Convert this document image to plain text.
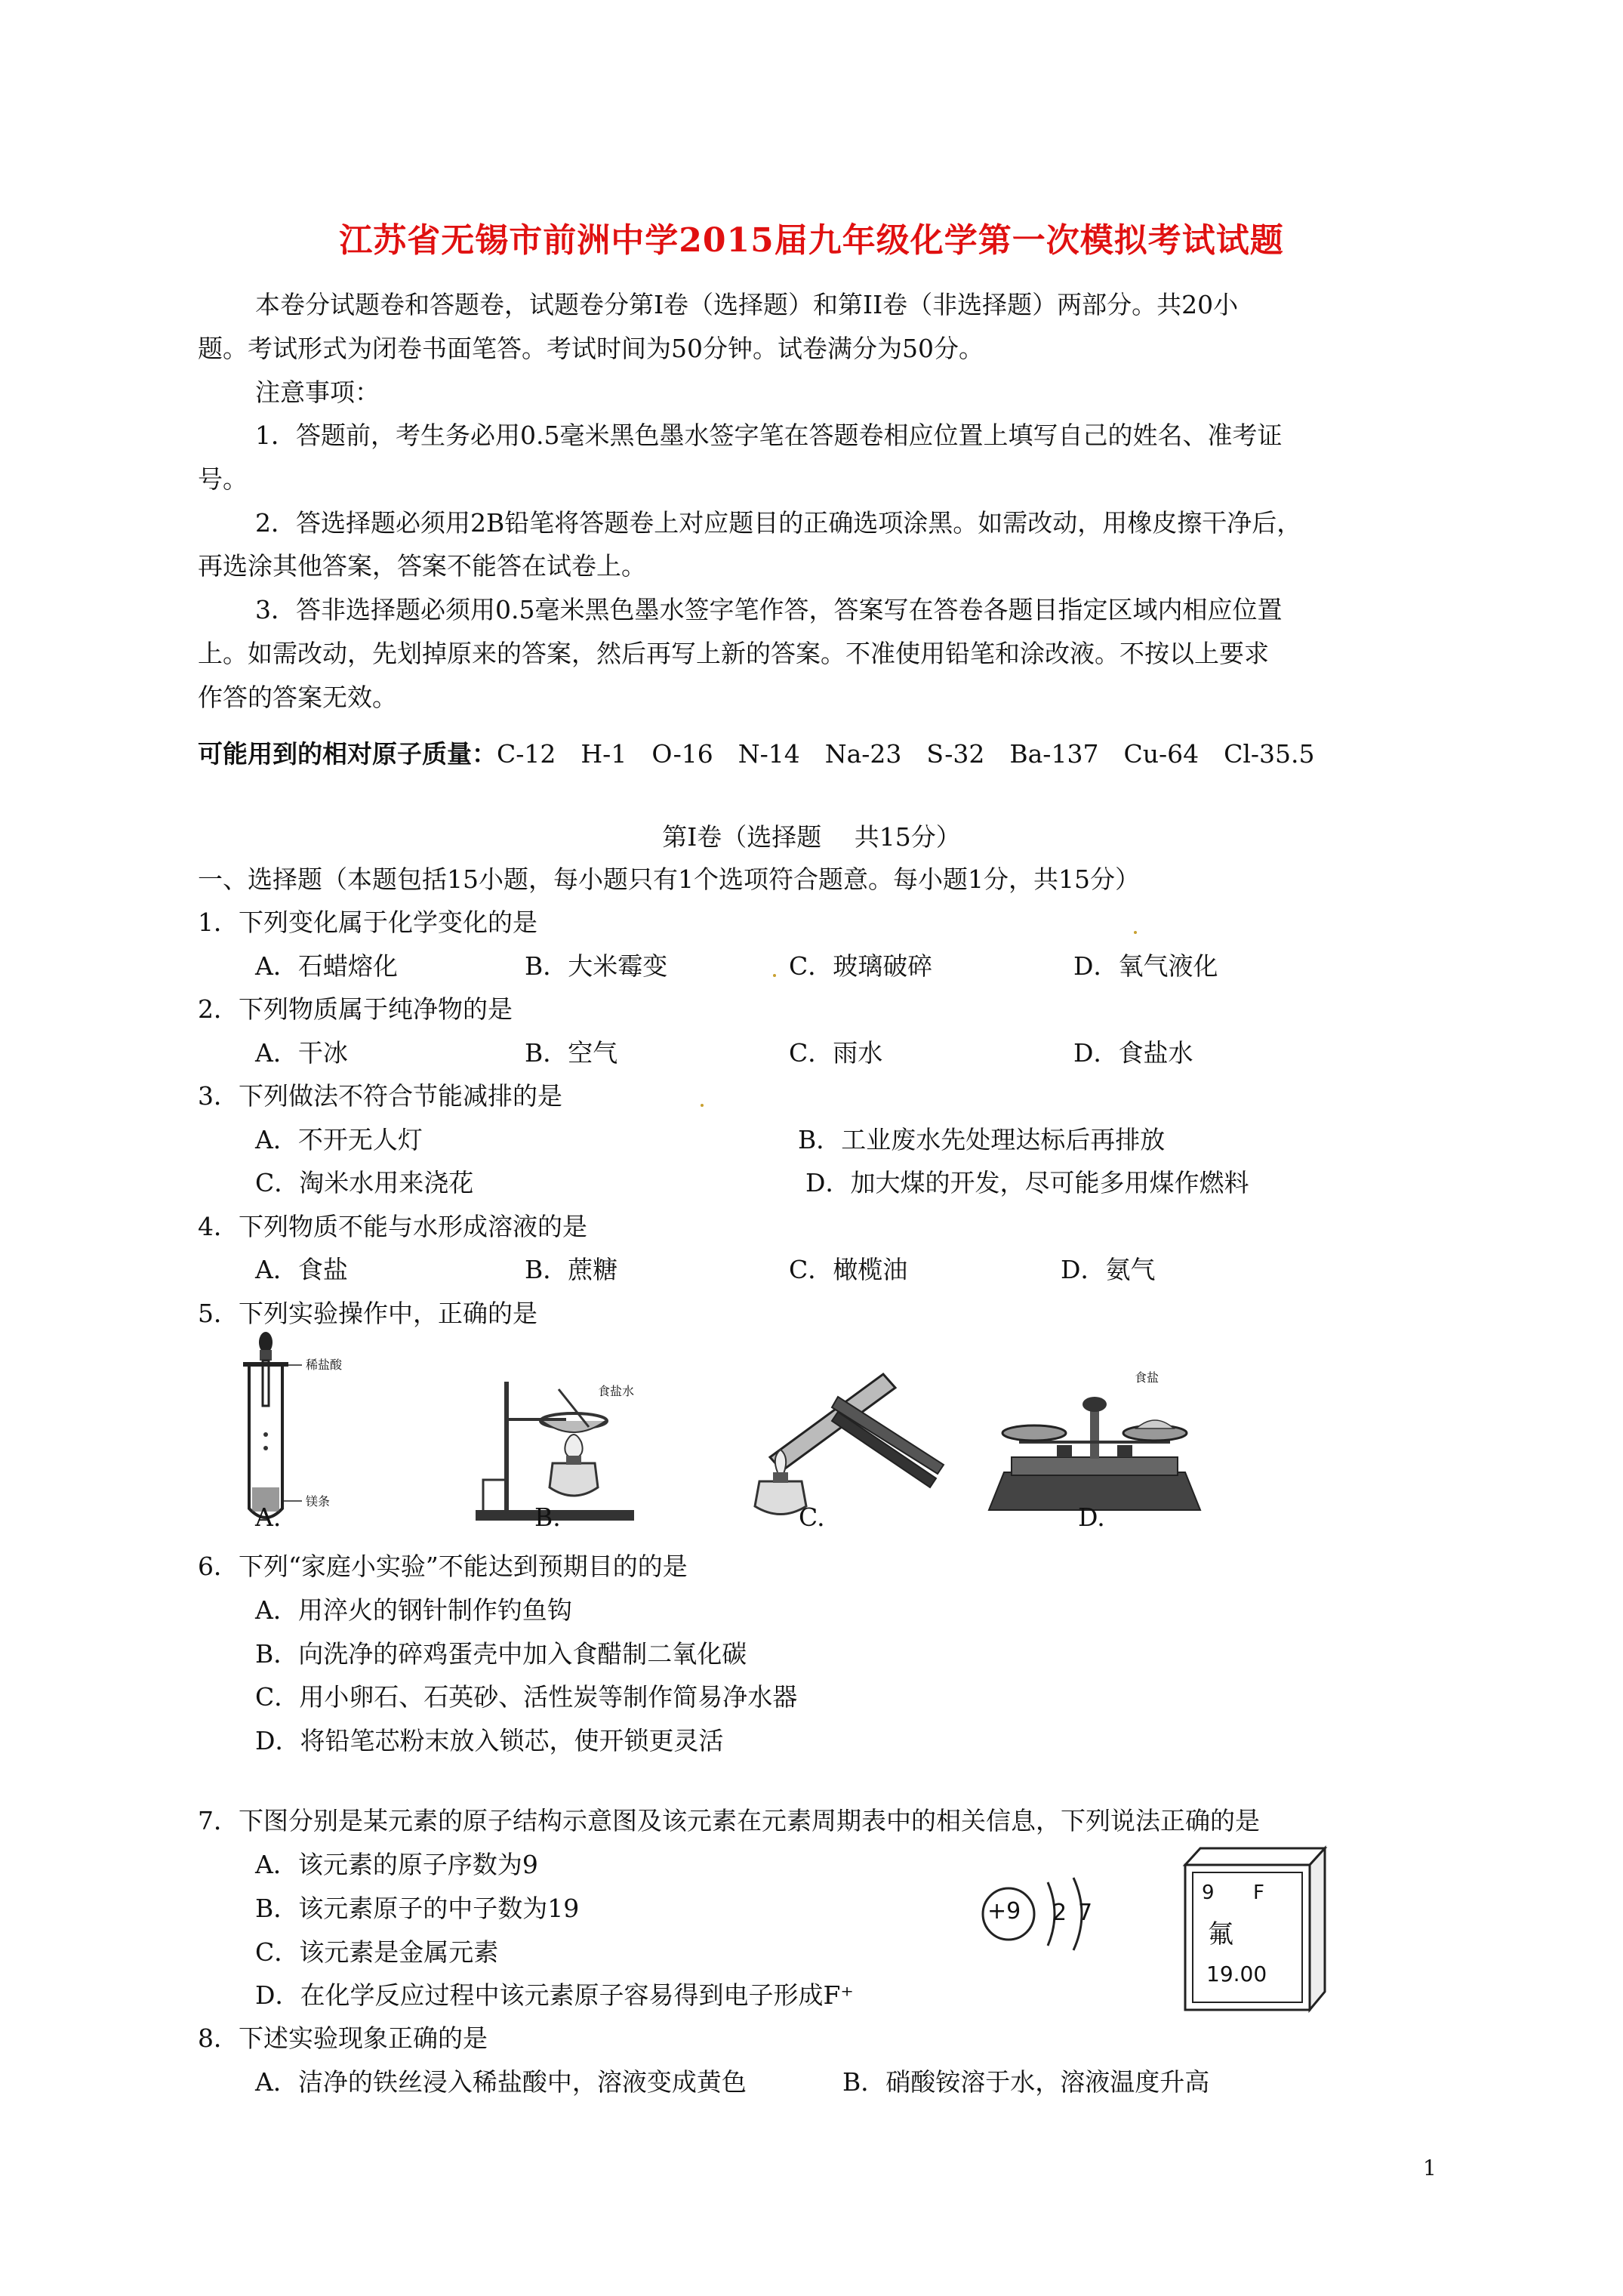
江苏省无锡市前洲中学2015届九年级化学第一次模拟考试试题
本卷分试题卷和答题卷，试题卷分第Ⅰ卷（选择题）和第II卷（非选择题）两部分。共20小
题。考试形式为闭卷书面笔答。考试时间为50分钟。试卷满分为50分。
注意事项：
1．答题前，考生务必用0.5毫米黑色墨水签字笔在答题卷相应位置上填写自己的姓名、准考证
号。
2．答选择题必须用2B铅笔将答题卷上对应题目的正确选项涂黑。如需改动，用橡皮擦干净后，
再选涂其他答案，答案不能答在试卷上。
3．答非选择题必须用0.5毫米黑色墨水签字笔作答，答案写在答卷各题目指定区域内相应位置
上。如需改动，先划掉原来的答案，然后再写上新的答案。不准使用铅笔和涂改液。不按以上要求
作答的答案无效。
可能用到的相对原子质量：C-12　H-1　O-16　N-14　Na-23　S-32　Ba-137　Cu-64　Cl-35.5
第Ⅰ卷（选择题　 共15分）
一、选择题（本题包括15小题，每小题只有1个选项符合题意。每小题1分，共15分）
1．下列变化属于化学变化的是
A．石蜡熔化	B．大米霉变	C．玻璃破碎	D．氧气液化
2．下列物质属于纯净物的是
A．干冰	B．空气	C．雨水	D．食盐水
3．下列做法不符合节能减排的是
A．不开无人灯	B．工业废水先处理达标后再排放
C．淘米水用来浇花	D．加大煤的开发，尽可能多用煤作燃料
4．下列物质不能与水形成溶液的是
A．食盐	B．蔗糖	C．橄榄油	D．氨气
5．下列实验操作中，正确的是
稀盐酸
镁条
食盐水
食盐
A.	B.	C.	D.
6．下列“家庭小实验”不能达到预期目的的是
A．用淬火的钢针制作钓鱼钩
B．向洗净的碎鸡蛋壳中加入食醋制二氧化碳
C．用小卵石、石英砂、活性炭等制作简易净水器
D．将铅笔芯粉末放入锁芯，使开锁更灵活
7．下图分别是某元素的原子结构示意图及该元素在元素周期表中的相关信息，下列说法正确的是
A．该元素的原子序数为9
B．该元素原子的中子数为19
C．该元素是金属元素
D．在化学反应过程中该元素原子容易得到电子形成F⁺
+9 2 7
9 F
氟
19.00
8．下述实验现象正确的是
A．洁净的铁丝浸入稀盐酸中，溶液变成黄色	B．硝酸铵溶于水，溶液温度升高
1
